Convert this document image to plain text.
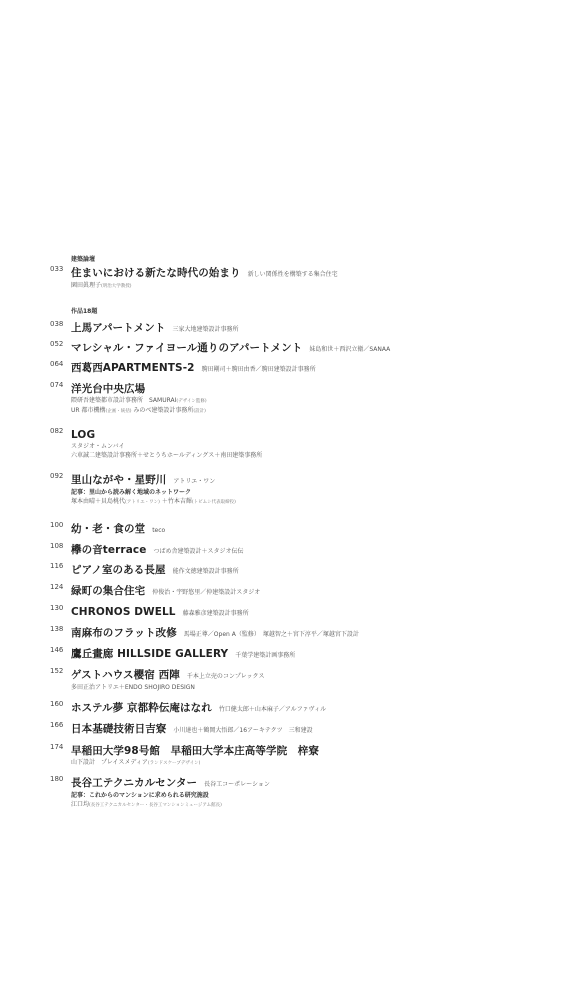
建築論壇
作品18題
033 住まいにおける新たな時代の始まり 新しい関係性を構築する集合住宅
園田眞理子(明治大学教授)
038 上馬アパートメント 三家大地建築設計事務所
052 マレシャル・ファイヨール通りのアパートメント 妹島和世＋西沢立衛／SANAA
064 西葛西APARTMENTS-2 駒田剛司＋駒田由香／駒田建築設計事務所
074 洋光台中央広場
隈研吾建築都市設計事務所　SAMURAI(デザイン監修)
UR 都市機構(企画・統括) みのべ建築設計事務所(設計)
082 LOG
スタジオ・ムンバイ
六車誠二建築設計事務所＋せとうちホールディングス＋南田建築事務所
092 里山ながや・星野川 アトリエ・ワン
記事：里山から読み解く地域のネットワーク
塚本由晴＋貝島桃代(アトリエ・ワン) ＋竹本吉輝(トビムシ代表取締役)
100 幼・老・食の堂 teco
108 欅の音terrace つばめ舎建築設計＋スタジオ伝伝
116 ピアノ室のある長屋 能作文徳建築設計事務所
124 緑町の集合住宅 仲俊治・宇野悠里／仲建築設計スタジオ
130 CHRONOS DWELL 藤森雅彦建築設計事務所
138 南麻布のフラット改修 馬場正尊／Open A（監修）　塚越智之＋宮下淳平／塚越宮下設計
146 鷹丘畫廊 HILLSIDE GALLERY 千葉学建築計画事務所
152 ゲストハウス櫻宿 西陣 千本上立売のコンプレックス
多田正治アトリエ＋ENDO SHOJIRO DESIGN
160 ホステル夢 京都粋伝庵はなれ 竹口健太郎＋山本麻子／アルファヴィル
166 日本基礎技術日吉寮 小川達也＋鶴岡大悟郎／16アーキテクツ　三和建設
174 早稲田大学98号館　早稲田大学本庄高等学院　梓寮
山下設計　プレイスメディア(ランドスケープデザイン)
180 長谷工テクニカルセンター 長谷工コーポレーション
記事：これからのマンションに求められる研究施設
江口均(長谷工テクニカルセンター・長谷工マンションミュージアム館長)
